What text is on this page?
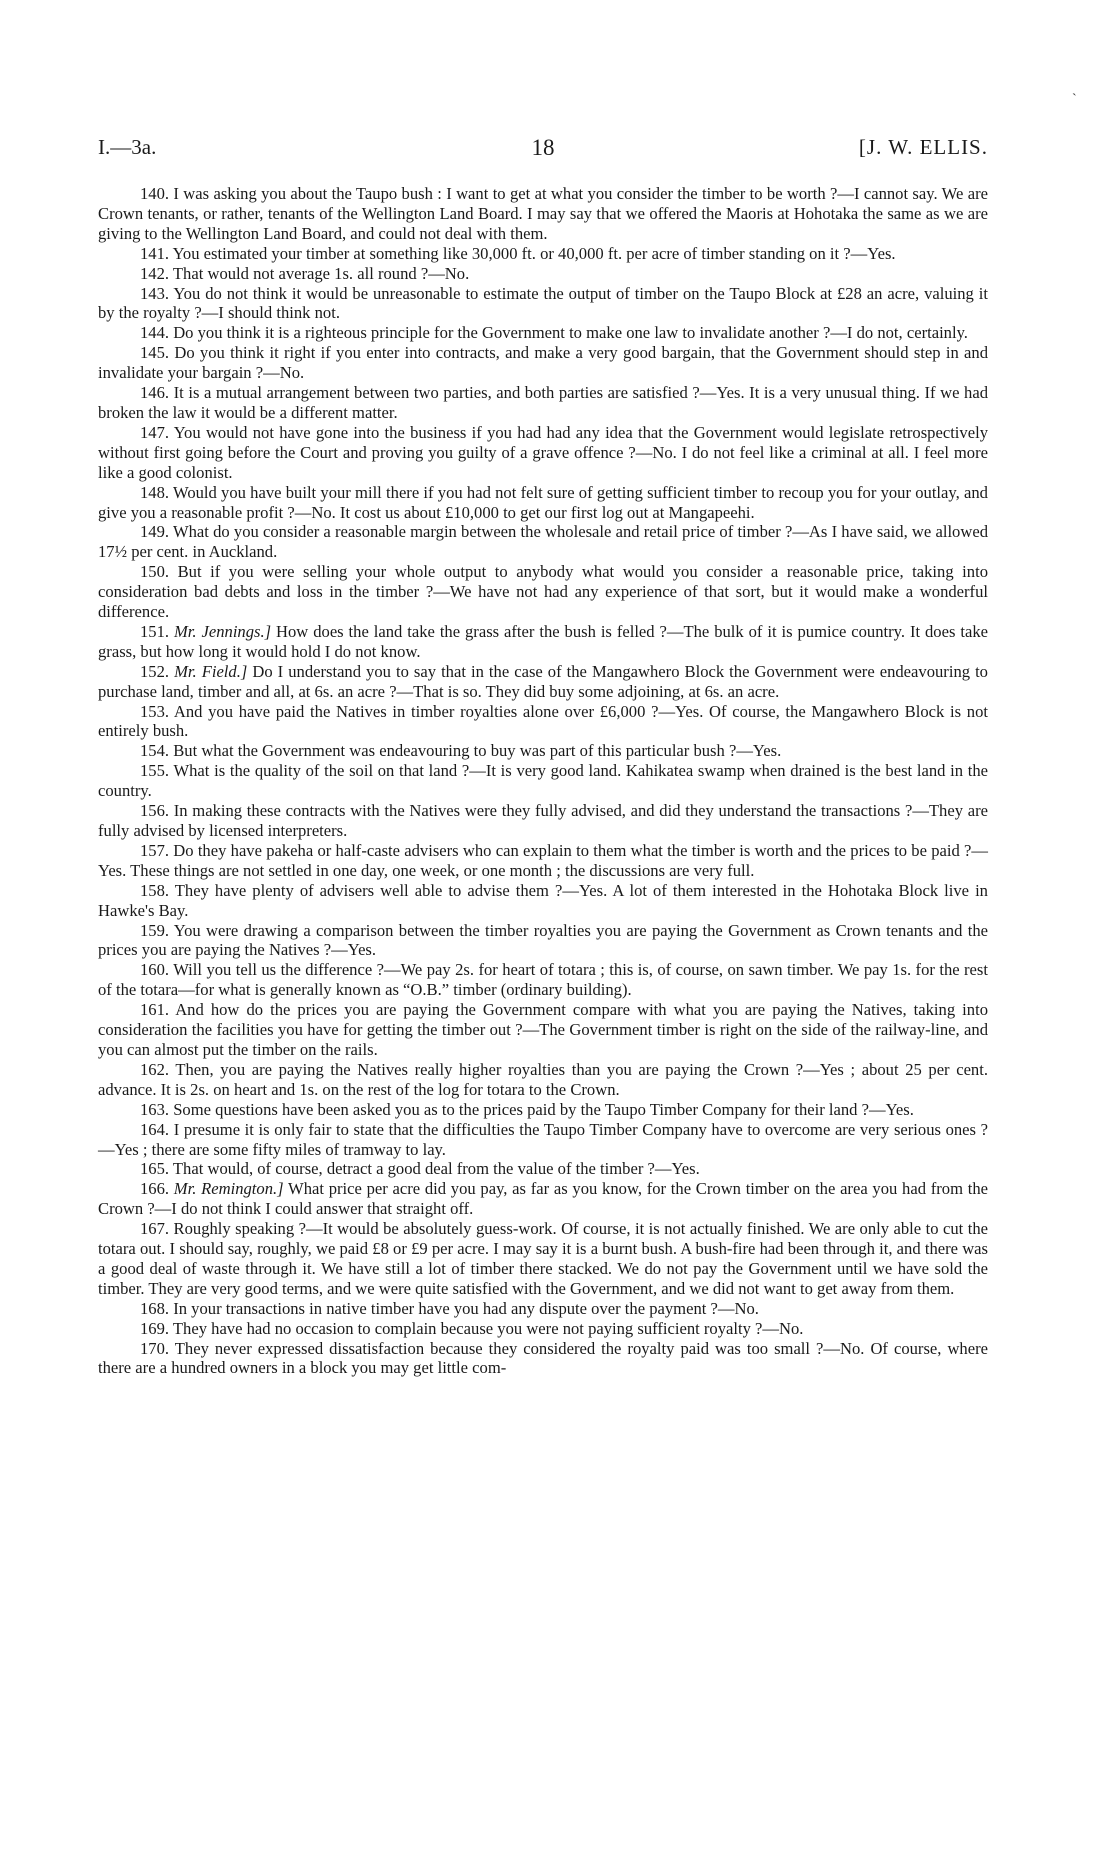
I.—3a.	18	[J. W. ELLIS.

140. I was asking you about the Taupo bush : I want to get at what you consider the timber to be worth ?—I cannot say. We are Crown tenants, or rather, tenants of the Wellington Land Board. I may say that we offered the Maoris at Hohotaka the same as we are giving to the Wellington Land Board, and could not deal with them.

141. You estimated your timber at something like 30,000 ft. or 40,000 ft. per acre of timber standing on it ?—Yes.

142. That would not average 1s. all round ?—No.

143. You do not think it would be unreasonable to estimate the output of timber on the Taupo Block at £28 an acre, valuing it by the royalty ?—I should think not.

144. Do you think it is a righteous principle for the Government to make one law to invalidate another ?—I do not, certainly.

145. Do you think it right if you enter into contracts, and make a very good bargain, that the Government should step in and invalidate your bargain ?—No.

146. It is a mutual arrangement between two parties, and both parties are satisfied ?—Yes. It is a very unusual thing. If we had broken the law it would be a different matter.

147. You would not have gone into the business if you had had any idea that the Government would legislate retrospectively without first going before the Court and proving you guilty of a grave offence ?—No. I do not feel like a criminal at all. I feel more like a good colonist.

148. Would you have built your mill there if you had not felt sure of getting sufficient timber to recoup you for your outlay, and give you a reasonable profit ?—No. It cost us about £10,000 to get our first log out at Mangapeehi.

149. What do you consider a reasonable margin between the wholesale and retail price of timber ?—As I have said, we allowed 17½ per cent. in Auckland.

150. But if you were selling your whole output to anybody what would you consider a reasonable price, taking into consideration bad debts and loss in the timber ?—We have not had any experience of that sort, but it would make a wonderful difference.

151. Mr. Jennings.] How does the land take the grass after the bush is felled ?—The bulk of it is pumice country. It does take grass, but how long it would hold I do not know.

152. Mr. Field.] Do I understand you to say that in the case of the Mangawhero Block the Government were endeavouring to purchase land, timber and all, at 6s. an acre ?—That is so. They did buy some adjoining, at 6s. an acre.

153. And you have paid the Natives in timber royalties alone over £6,000 ?—Yes. Of course, the Mangawhero Block is not entirely bush.

154. But what the Government was endeavouring to buy was part of this particular bush ?—Yes.

155. What is the quality of the soil on that land ?—It is very good land. Kahikatea swamp when drained is the best land in the country.

156. In making these contracts with the Natives were they fully advised, and did they understand the transactions ?—They are fully advised by licensed interpreters.

157. Do they have pakeha or half-caste advisers who can explain to them what the timber is worth and the prices to be paid ?—Yes. These things are not settled in one day, one week, or one month ; the discussions are very full.

158. They have plenty of advisers well able to advise them ?—Yes. A lot of them interested in the Hohotaka Block live in Hawke's Bay.

159. You were drawing a comparison between the timber royalties you are paying the Government as Crown tenants and the prices you are paying the Natives ?—Yes.

160. Will you tell us the difference ?—We pay 2s. for heart of totara ; this is, of course, on sawn timber. We pay 1s. for the rest of the totara—for what is generally known as “O.B.” timber (ordinary building).

161. And how do the prices you are paying the Government compare with what you are paying the Natives, taking into consideration the facilities you have for getting the timber out ?—The Government timber is right on the side of the railway-line, and you can almost put the timber on the rails.

162. Then, you are paying the Natives really higher royalties than you are paying the Crown ?—Yes ; about 25 per cent. advance. It is 2s. on heart and 1s. on the rest of the log for totara to the Crown.

163. Some questions have been asked you as to the prices paid by the Taupo Timber Company for their land ?—Yes.

164. I presume it is only fair to state that the difficulties the Taupo Timber Company have to overcome are very serious ones ?—Yes ; there are some fifty miles of tramway to lay.

165. That would, of course, detract a good deal from the value of the timber ?—Yes.

166. Mr. Remington.] What price per acre did you pay, as far as you know, for the Crown timber on the area you had from the Crown ?—I do not think I could answer that straight off.

167. Roughly speaking ?—It would be absolutely guess-work. Of course, it is not actually finished. We are only able to cut the totara out. I should say, roughly, we paid £8 or £9 per acre. I may say it is a burnt bush. A bush-fire had been through it, and there was a good deal of waste through it. We have still a lot of timber there stacked. We do not pay the Government until we have sold the timber. They are very good terms, and we were quite satisfied with the Government, and we did not want to get away from them.

168. In your transactions in native timber have you had any dispute over the payment ?—No.

169. They have had no occasion to complain because you were not paying sufficient royalty ?—No.

170. They never expressed dissatisfaction because they considered the royalty paid was too small ?—No. Of course, where there are a hundred owners in a block you may get little com-

`
